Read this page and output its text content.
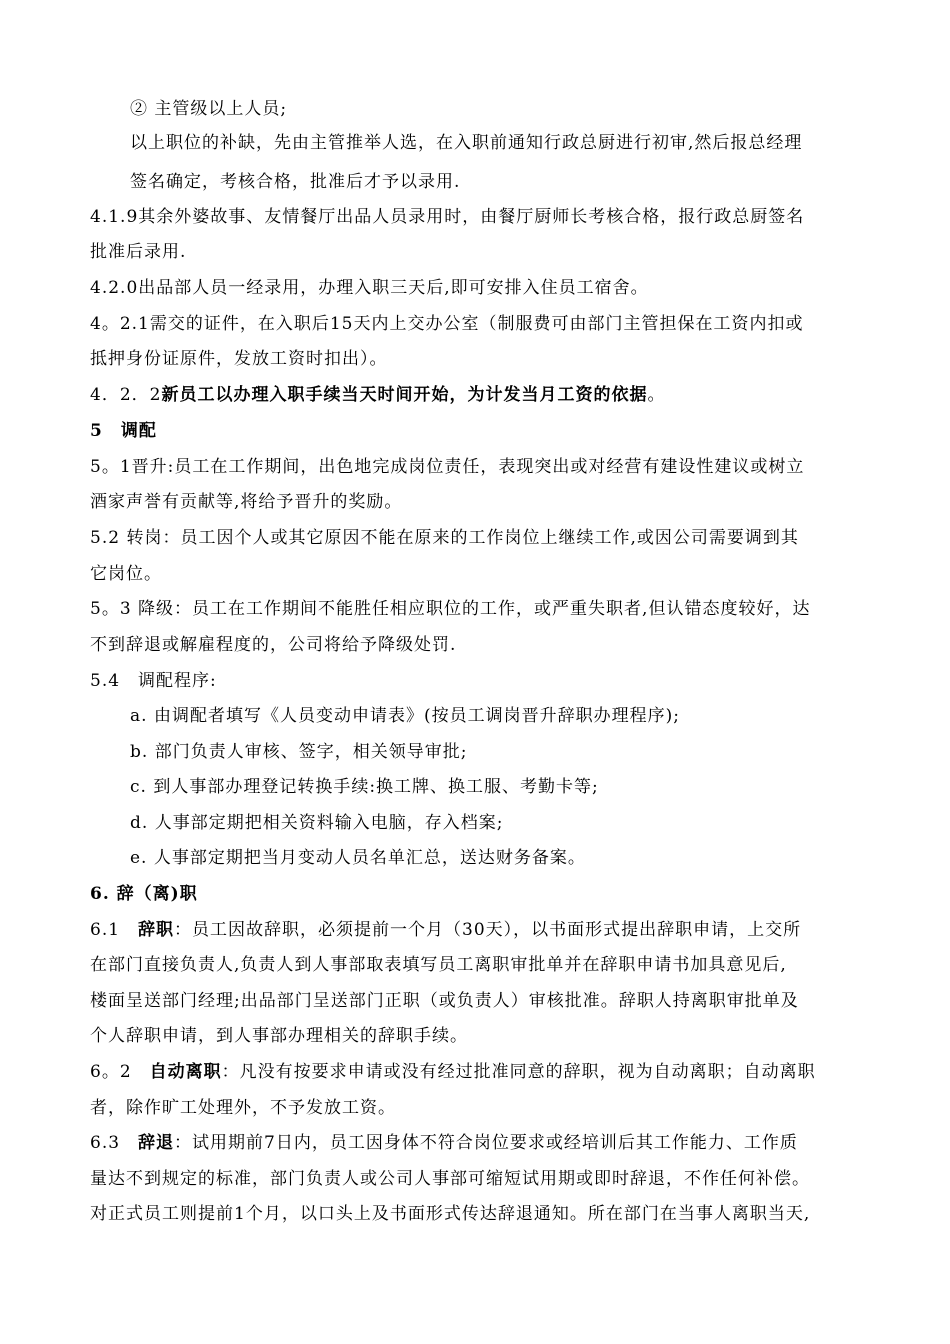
② 主管级以上人员;
以上职位的补缺，先由主管推举人选，在入职前通知行政总厨进行初审,然后报总经理
签名确定，考核合格，批准后才予以录用.
4.1.9其余外婆故事、友情餐厅出品人员录用时，由餐厅厨师长考核合格，报行政总厨签名
批准后录用.
4.2.0出品部人员一经录用，办理入职三天后,即可安排入住员工宿舍。
4。2.1需交的证件，在入职后15天内上交办公室（制服费可由部门主管担保在工资内扣或
抵押身份证原件，发放工资时扣出）。
4．2．2新员工以办理入职手续当天时间开始，为计发当月工资的依据。
5　调配
5。1晋升:员工在工作期间，出色地完成岗位责任，表现突出或对经营有建设性建议或树立
酒家声誉有贡献等,将给予晋升的奖励。
5.2 转岗：员工因个人或其它原因不能在原来的工作岗位上继续工作,或因公司需要调到其
它岗位。
5。3 降级：员工在工作期间不能胜任相应职位的工作，或严重失职者,但认错态度较好，达
不到辞退或解雇程度的，公司将给予降级处罚.
5.4　调配程序:
a. 由调配者填写《人员变动申请表》(按员工调岗晋升辞职办理程序);
b. 部门负责人审核、签字，相关领导审批;
c. 到人事部办理登记转换手续:换工牌、换工服、考勤卡等;
d. 人事部定期把相关资料输入电脑，存入档案;
e. 人事部定期把当月变动人员名单汇总，送达财务备案。
6. 辞（离)职
6.1　辞职：员工因故辞职，必须提前一个月（30天），以书面形式提出辞职申请，上交所
在部门直接负责人,负责人到人事部取表填写员工离职审批单并在辞职申请书加具意见后,
楼面呈送部门经理;出品部门呈送部门正职（或负责人）审核批准。辞职人持离职审批单及
个人辞职申请，到人事部办理相关的辞职手续。
6。2　自动离职：凡没有按要求申请或没有经过批准同意的辞职，视为自动离职；自动离职
者，除作旷工处理外，不予发放工资。
6.3　辞退：试用期前7日内，员工因身体不符合岗位要求或经培训后其工作能力、工作质
量达不到规定的标准，部门负责人或公司人事部可缩短试用期或即时辞退，不作任何补偿。
对正式员工则提前1个月，以口头上及书面形式传达辞退通知。所在部门在当事人离职当天,
